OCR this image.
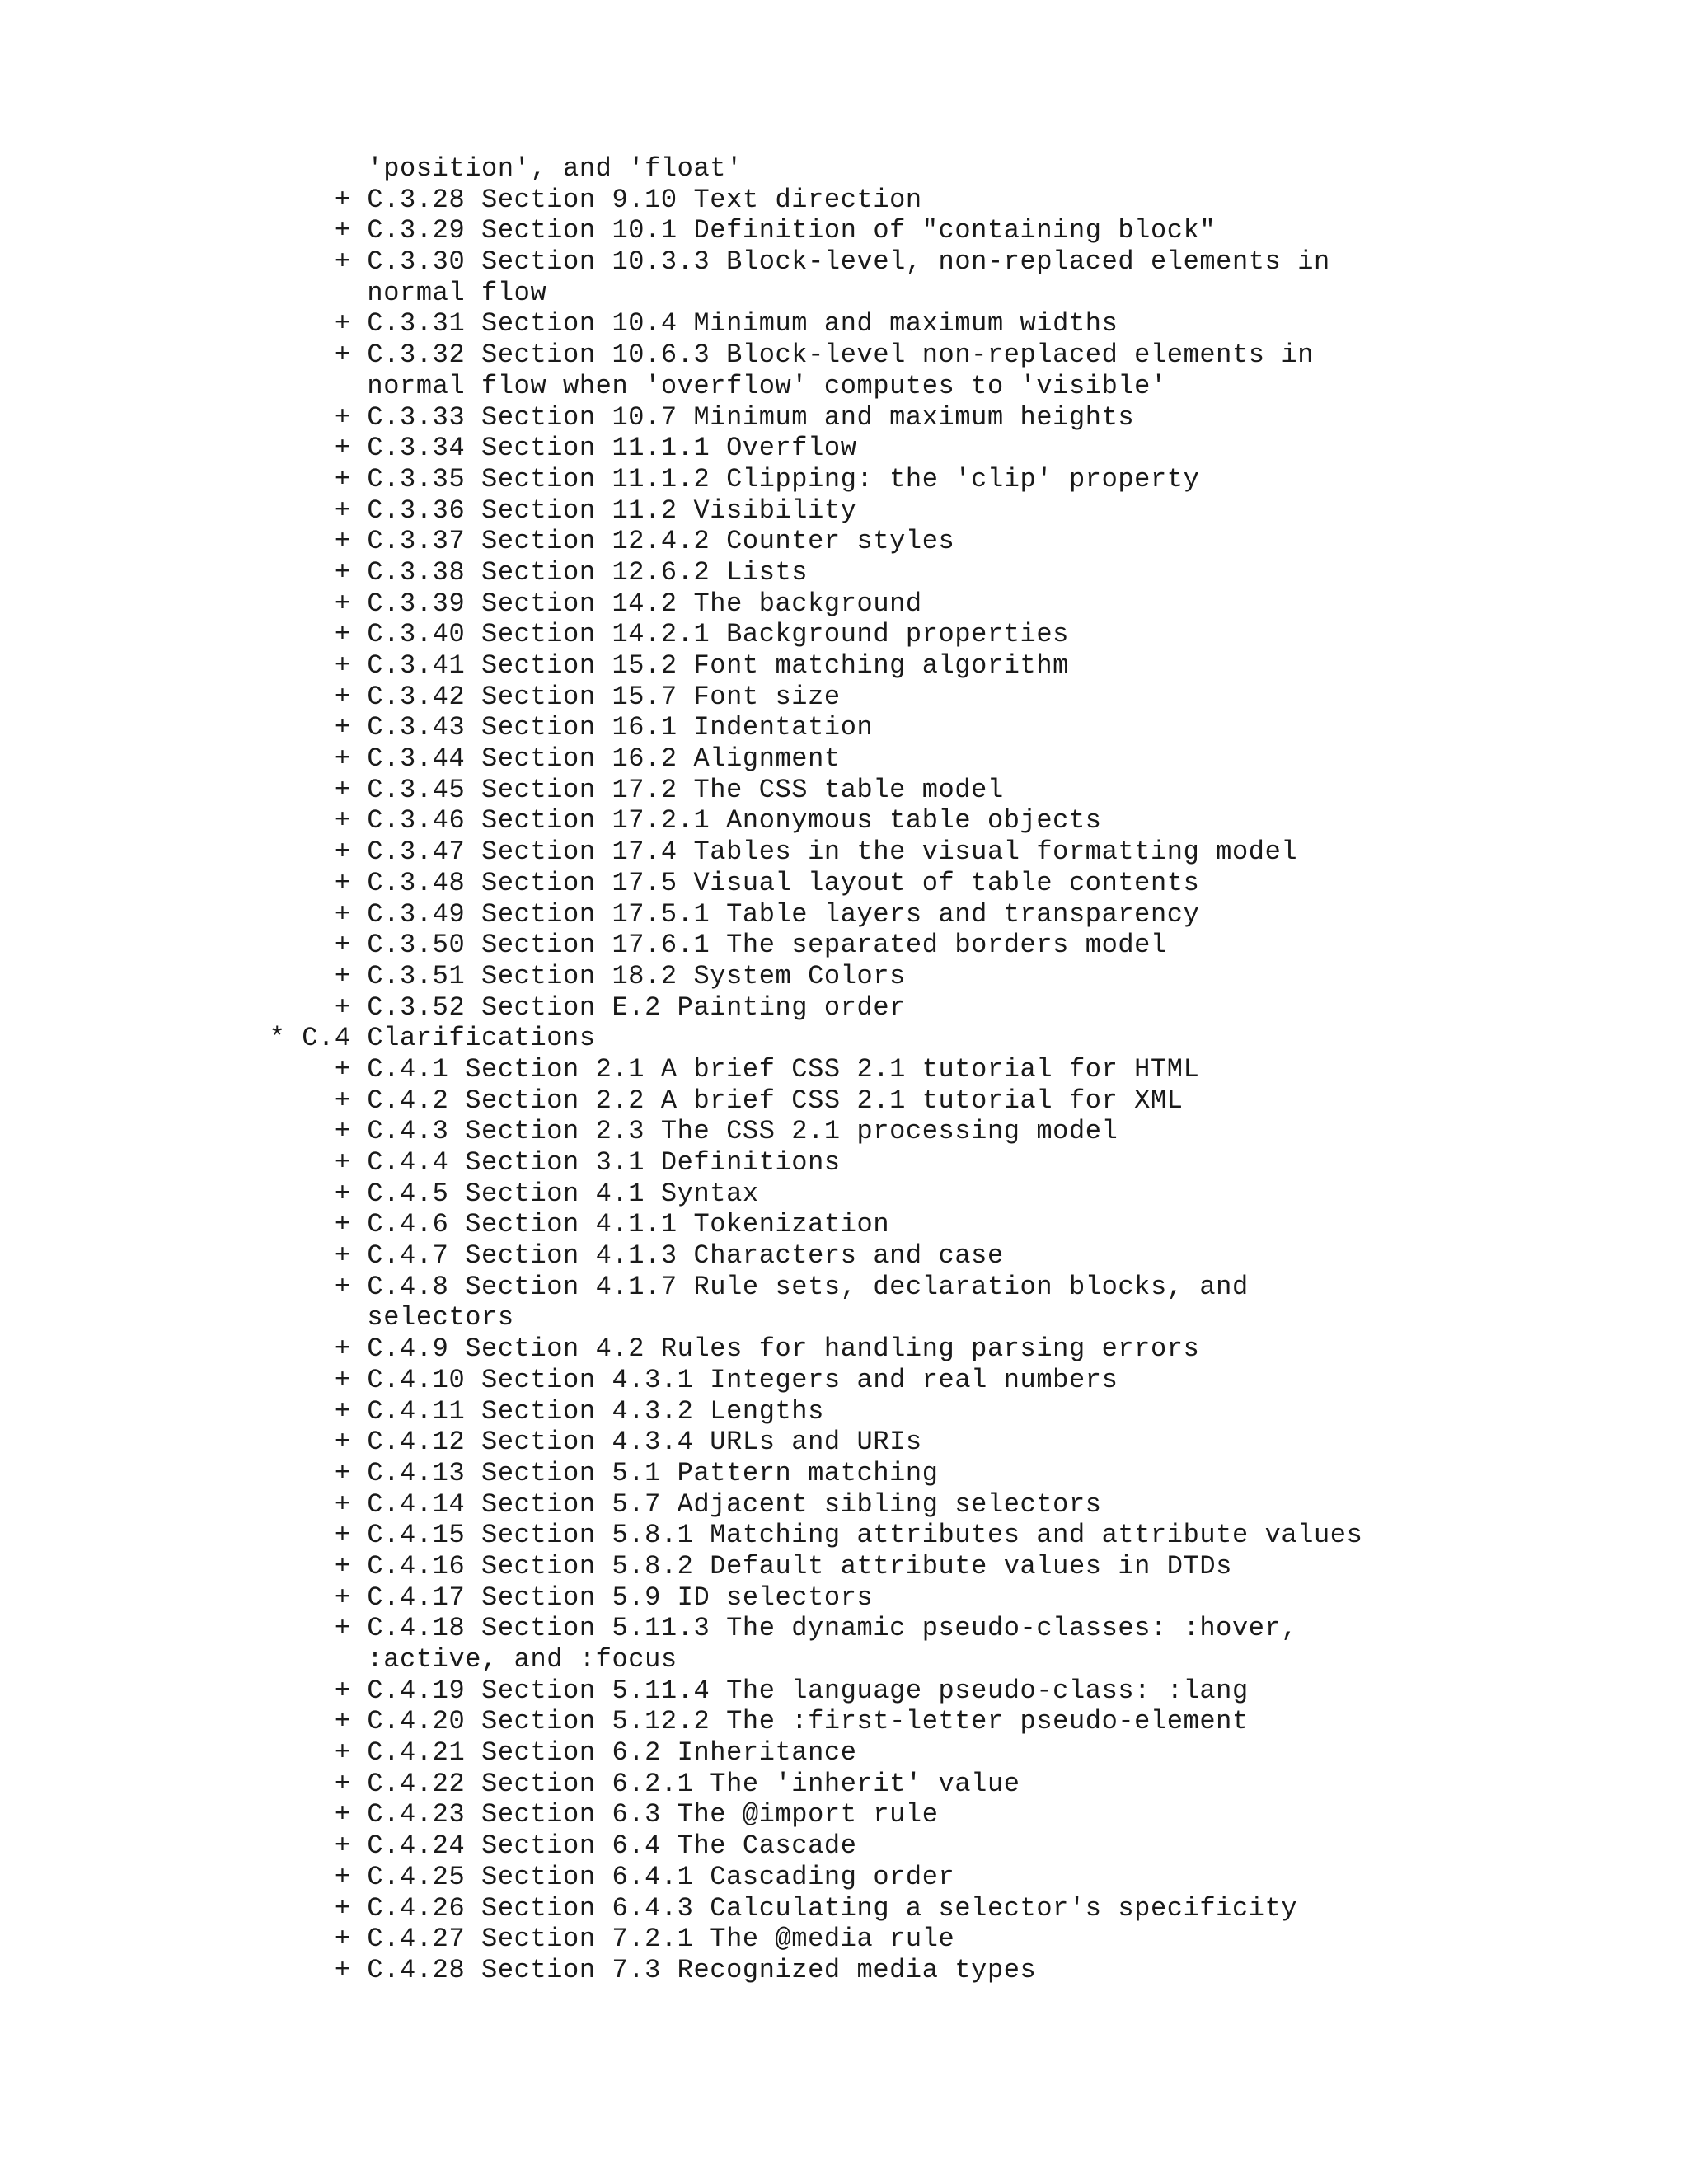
'position', and 'float'
+ C.3.28 Section 9.10 Text direction
+ C.3.29 Section 10.1 Definition of "containing block"
+ C.3.30 Section 10.3.3 Block-level, non-replaced elements in
normal flow
+ C.3.31 Section 10.4 Minimum and maximum widths
+ C.3.32 Section 10.6.3 Block-level non-replaced elements in
normal flow when 'overflow' computes to 'visible'
+ C.3.33 Section 10.7 Minimum and maximum heights
+ C.3.34 Section 11.1.1 Overflow
+ C.3.35 Section 11.1.2 Clipping: the 'clip' property
+ C.3.36 Section 11.2 Visibility
+ C.3.37 Section 12.4.2 Counter styles
+ C.3.38 Section 12.6.2 Lists
+ C.3.39 Section 14.2 The background
+ C.3.40 Section 14.2.1 Background properties
+ C.3.41 Section 15.2 Font matching algorithm
+ C.3.42 Section 15.7 Font size
+ C.3.43 Section 16.1 Indentation
+ C.3.44 Section 16.2 Alignment
+ C.3.45 Section 17.2 The CSS table model
+ C.3.46 Section 17.2.1 Anonymous table objects
+ C.3.47 Section 17.4 Tables in the visual formatting model
+ C.3.48 Section 17.5 Visual layout of table contents
+ C.3.49 Section 17.5.1 Table layers and transparency
+ C.3.50 Section 17.6.1 The separated borders model
+ C.3.51 Section 18.2 System Colors
+ C.3.52 Section E.2 Painting order
* C.4 Clarifications
+ C.4.1 Section 2.1 A brief CSS 2.1 tutorial for HTML
+ C.4.2 Section 2.2 A brief CSS 2.1 tutorial for XML
+ C.4.3 Section 2.3 The CSS 2.1 processing model
+ C.4.4 Section 3.1 Definitions
+ C.4.5 Section 4.1 Syntax
+ C.4.6 Section 4.1.1 Tokenization
+ C.4.7 Section 4.1.3 Characters and case
+ C.4.8 Section 4.1.7 Rule sets, declaration blocks, and
selectors
+ C.4.9 Section 4.2 Rules for handling parsing errors
+ C.4.10 Section 4.3.1 Integers and real numbers
+ C.4.11 Section 4.3.2 Lengths
+ C.4.12 Section 4.3.4 URLs and URIs
+ C.4.13 Section 5.1 Pattern matching
+ C.4.14 Section 5.7 Adjacent sibling selectors
+ C.4.15 Section 5.8.1 Matching attributes and attribute values
+ C.4.16 Section 5.8.2 Default attribute values in DTDs
+ C.4.17 Section 5.9 ID selectors
+ C.4.18 Section 5.11.3 The dynamic pseudo-classes: :hover,
:active, and :focus
+ C.4.19 Section 5.11.4 The language pseudo-class: :lang
+ C.4.20 Section 5.12.2 The :first-letter pseudo-element
+ C.4.21 Section 6.2 Inheritance
+ C.4.22 Section 6.2.1 The 'inherit' value
+ C.4.23 Section 6.3 The @import rule
+ C.4.24 Section 6.4 The Cascade
+ C.4.25 Section 6.4.1 Cascading order
+ C.4.26 Section 6.4.3 Calculating a selector's specificity
+ C.4.27 Section 7.2.1 The @media rule
+ C.4.28 Section 7.3 Recognized media types
